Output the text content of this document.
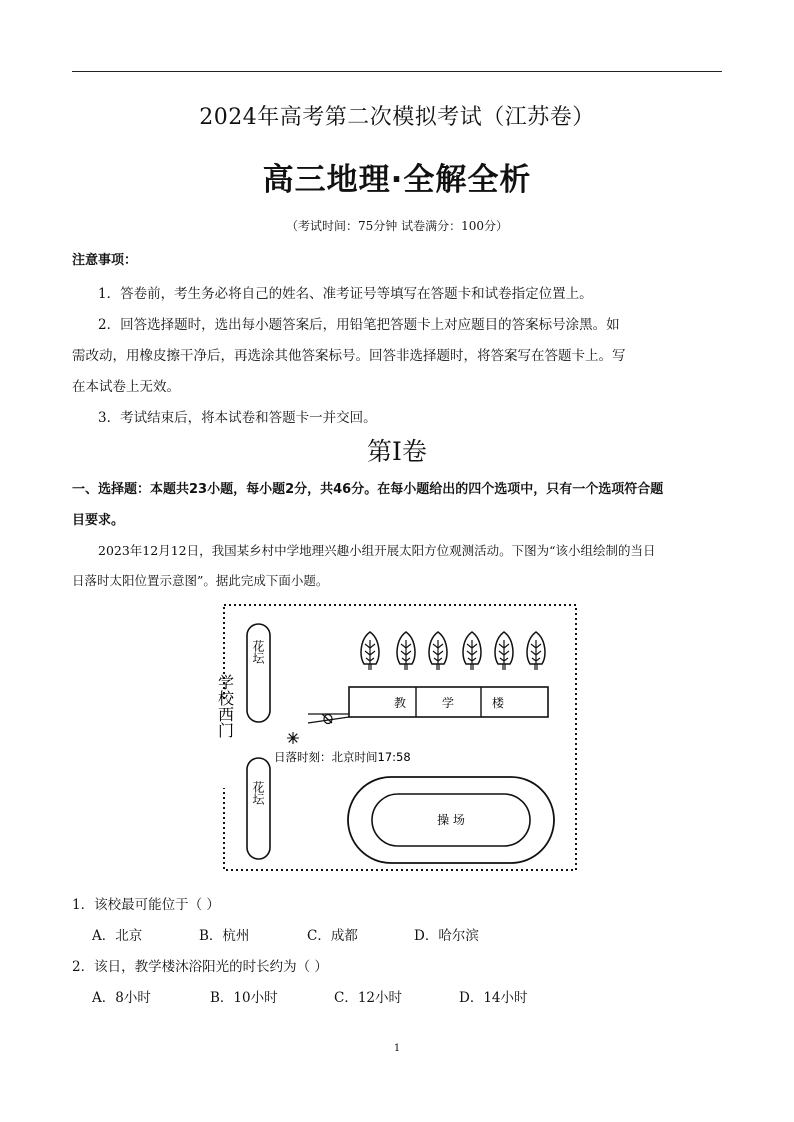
2024年高考第二次模拟考试（江苏卷）
高三地理·全解全析
（考试时间：75分钟 试卷满分：100分）
注意事项：
1．答卷前，考生务必将自己的姓名、准考证号等填写在答题卡和试卷指定位置上。
2．回答选择题时，选出每小题答案后，用铅笔把答题卡上对应题目的答案标号涂黑。如
需改动，用橡皮擦干净后，再选涂其他答案标号。回答非选择题时，将答案写在答题卡上。写
在本试卷上无效。
3．考试结束后，将本试卷和答题卡一并交回。
第Ⅰ卷
一、选择题：本题共23小题，每小题2分，共46分。在每小题给出的四个选项中，只有一个选项符合题
目要求。
2023年12月12日，我国某乡村中学地理兴趣小组开展太阳方位观测活动。下图为“该小组绘制的当日
日落时太阳位置示意图”。据此完成下面小题。
花坛
花坛
学校西门	教	学	楼
日落时刻：北京时间17:58
操 场
1．该校最可能位于（ ）
A．北京	B．杭州	C．成都	D．哈尔滨
2．该日，教学楼沐浴阳光的时长约为（ ）
A．8小时	B．10小时	C．12小时	D．14小时
1
